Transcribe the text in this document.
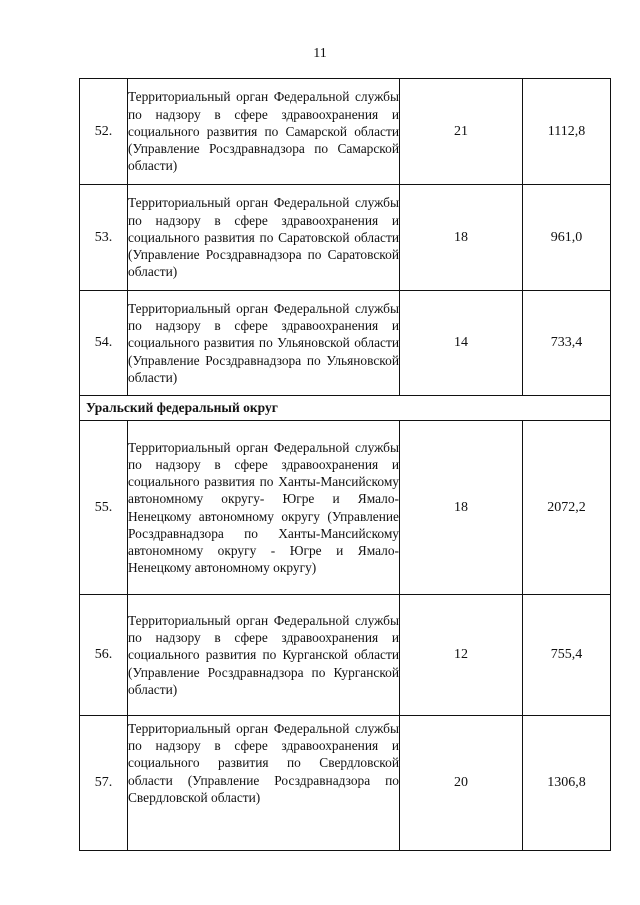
11
52.	Территориальный орган Федеральной службы по надзору в сфере здравоохранения и социального развития по Самарской области (Управление Росздравнадзора по Самарской области)	21	1112,8
53.	Территориальный орган Федеральной службы по надзору в сфере здравоохранения и социального развития по Саратовской области (Управление Росздравнадзора по Саратовской области)	18	961,0
54.	Территориальный орган Федеральной службы по надзору в сфере здравоохранения и социального развития по Ульяновской области (Управление Росздравнадзора по Ульяновской области)	14	733,4
Уральский федеральный округ			
55.	Территориальный орган Федеральной службы по надзору в сфере здравоохранения и социального развития по Ханты-Мансийскому автономному округу- Югре и Ямало-Ненецкому автономному округу (Управление Росздравнадзора по Ханты-Мансийскому автономному округу - Югре и Ямало-Ненецкому автономному округу)	18	2072,2
56.	Территориальный орган Федеральной службы по надзору в сфере здравоохранения и социального развития по Курганской области (Управление Росздравнадзора по Курганской области)	12	755,4
57.	Территориальный орган Федеральной службы по надзору в сфере здравоохранения и социального развития по Свердловской области (Управление Росздравнадзора по Свердловской области)	20	1306,8
